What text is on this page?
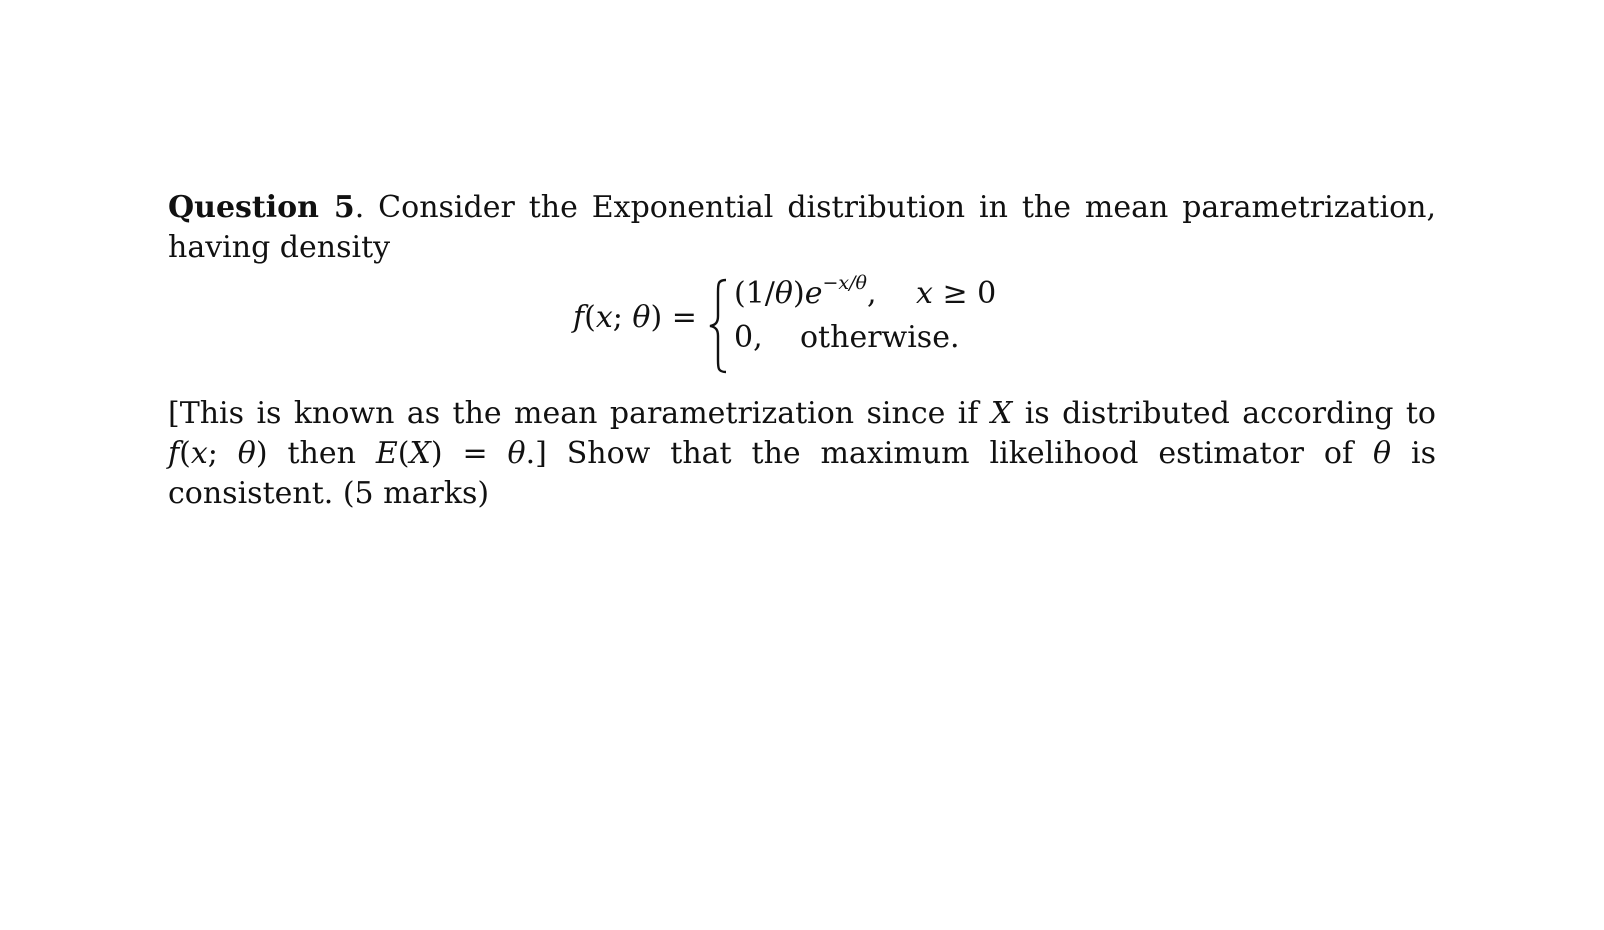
Question 5. Consider the Exponential distribution in the mean parametrization, having density

f(x; θ) =
$(1/\theta)e^{-x/\theta}$, x ≥ 0
0, otherwise.

[This is known as the mean parametrization since if X is distributed according to f(x; θ) then E(X) = θ.] Show that the maximum likelihood estimator of θ is consistent. (5 marks)
